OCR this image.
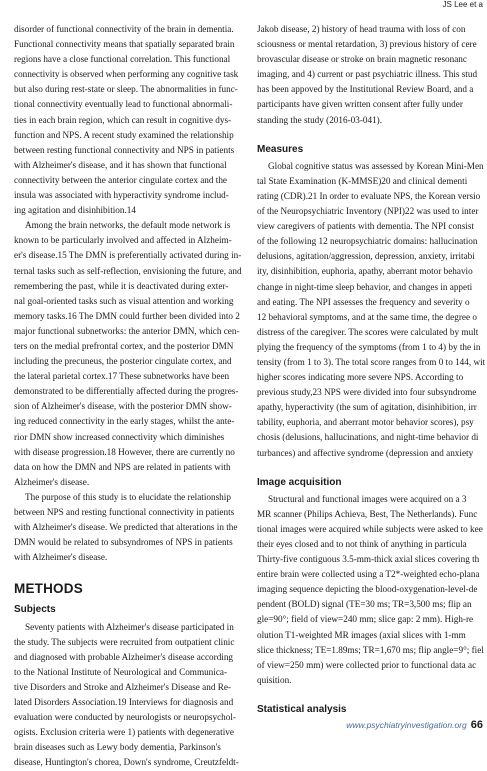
JS Lee et a
disorder of functional connectivity of the brain in dementia.
Functional connectivity means that spatially separated brain
regions have a close functional correlation. This functional
connectivity is observed when performing any cognitive task
but also during rest-state or sleep. The abnormalities in func-
tional connectivity eventually lead to functional abnormali-
ties in each brain region, which can result in cognitive dys-
function and NPS. A recent study examined the relationship
between resting functional connectivity and NPS in patients
with Alzheimer's disease, and it has shown that functional
connectivity between the anterior cingulate cortex and the
insula was associated with hyperactivity syndrome includ-
ing agitation and disinhibition.14
Among the brain networks, the default mode network is
known to be particularly involved and affected in Alzheim-
er's disease.15 The DMN is preferentially activated during in-
ternal tasks such as self-reflection, envisioning the future, and
remembering the past, while it is deactivated during exter-
nal goal-oriented tasks such as visual attention and working
memory tasks.16 The DMN could further been divided into 2
major functional subnetworks: the anterior DMN, which cen-
ters on the medial prefrontal cortex, and the posterior DMN
including the precuneus, the posterior cingulate cortex, and
the lateral parietal cortex.17 These subnetworks have been
demonstrated to be differentially affected during the progres-
sion of Alzheimer's disease, with the posterior DMN show-
ing reduced connectivity in the early stages, whilst the ante-
rior DMN show increased connectivity which diminishes
with disease progression.18 However, there are currently no
data on how the DMN and NPS are related in patients with
Alzheimer's disease.
The purpose of this study is to elucidate the relationship
between NPS and resting functional connectivity in patients
with Alzheimer's disease. We predicted that alterations in the
DMN would be related to subsyndromes of NPS in patients
with Alzheimer's disease.
METHODS
Subjects
Seventy patients with Alzheimer's disease participated in
the study. The subjects were recruited from outpatient clinic
and diagnosed with probable Alzheimer's disease according
to the National Institute of Neurological and Communica-
tive Disorders and Stroke and Alzheimer's Disease and Re-
lated Disorders Association.19 Interviews for diagnosis and
evaluation were conducted by neurologists or neuropsychol-
ogists. Exclusion criteria were 1) patients with degenerative
brain diseases such as Lewy body dementia, Parkinson's
disease, Huntington's chorea, Down's syndrome, Creutzfeldt-
Jakob disease, 2) history of head trauma with loss of con
sciousness or mental retardation, 3) previous history of cere
brovascular disease or stroke on brain magnetic resonanc
imaging, and 4) current or past psychiatric illness. This stud
has been appoved by the Institutional Review Board, and a
participants have given written consent after fully under
standing the study (2016-03-041).
Measures
Global cognitive status was assessed by Korean Mini-Men
tal State Examination (K-MMSE)20 and clinical dementi
rating (CDR).21 In order to evaluate NPS, the Korean versio
of the Neuropsychiatric Inventory (NPI)22 was used to inter
view caregivers of patients with dementia. The NPI consist
of the following 12 neuropsychiatric domains: hallucination
delusions, agitation/aggression, depression, anxiety, irritabi
ity, disinhibition, euphoria, apathy, aberrant motor behavio
change in night-time sleep behavior, and changes in appeti
and eating. The NPI assesses the frequency and severity o
12 behavioral symptoms, and at the same time, the degree o
distress of the caregiver. The scores were calculated by mult
plying the frequency of the symptoms (from 1 to 4) by the in
tensity (from 1 to 3). The total score ranges from 0 to 144, wit
higher scores indicating more severe NPS. According to
previous study,23 NPS were divided into four subsyndrome
apathy, hyperactivity (the sum of agitation, disinhibition, irr
tability, euphoria, and aberrant motor behavior scores), psy
chosis (delusions, hallucinations, and night-time behavior di
turbances) and affective syndrome (depression and anxiety
Image acquisition
Structural and functional images were acquired on a 3
MR scanner (Philips Achieva, Best, The Netherlands). Func
tional images were acquired while subjects were asked to kee
their eyes closed and to not think of anything in particula
Thirty-five contiguous 3.5-mm-thick axial slices covering th
entire brain were collected using a T2*-weighted echo-plana
imaging sequence depicting the blood-oxygenation-level-de
pendent (BOLD) signal (TE=30 ms; TR=3,500 ms; flip an
gle=90°; field of view=240 mm; slice gap: 2 mm). High-re
olution T1-weighted MR images (axial slices with 1-mm
slice thickness; TE=1.89ms; TR=1,670 ms; flip angle=9°; fiel
of view=250 mm) were collected prior to functional data ac
quisition.
Statistical analysis
www.psychiatryinvestigation.org 66
